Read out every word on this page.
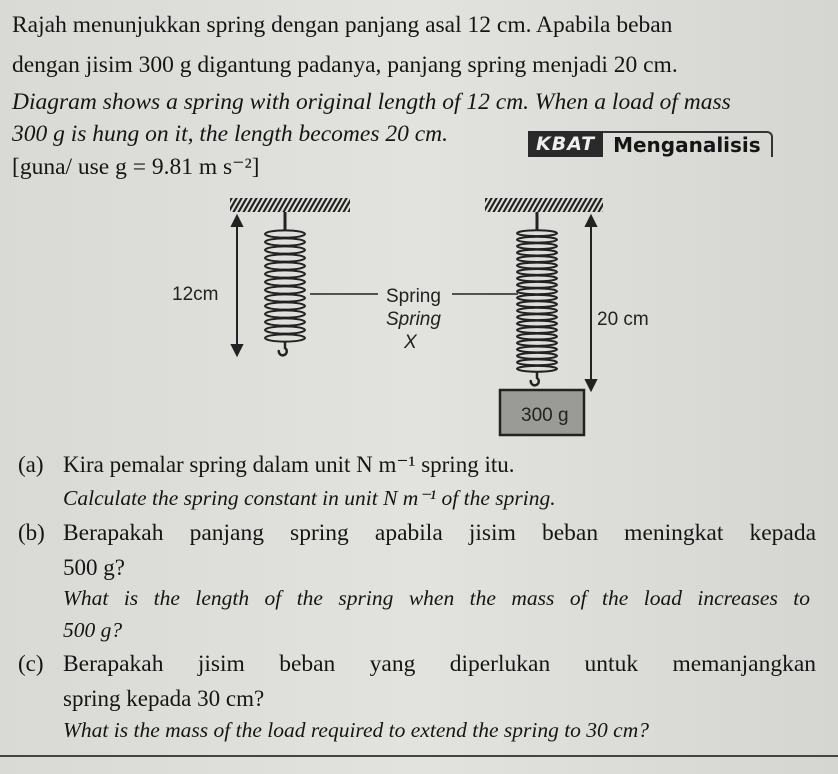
Rajah menunjukkan spring dengan panjang asal 12 cm. Apabila beban
dengan jisim 300 g digantung padanya, panjang spring menjadi 20 cm.
Diagram shows a spring with original length of 12 cm. When a load of mass
300 g is hung on it, the length becomes 20 cm.
[guna/ use g = 9.81 m s⁻²]
KBAT Menganalisis
12cm	Spring
Spring
X
20 cm
300 g
(a) Kira pemalar spring dalam unit N m⁻¹ spring itu.
Calculate the spring constant in unit N m⁻¹ of the spring.
(b) Berapakah panjang spring apabila jisim beban meningkat kepada
500 g?
What is the length of the spring when the mass of the load increases to
500 g?
(c) Berapakah jisim beban yang diperlukan untuk memanjangkan
spring kepada 30 cm?
What is the mass of the load required to extend the spring to 30 cm?
